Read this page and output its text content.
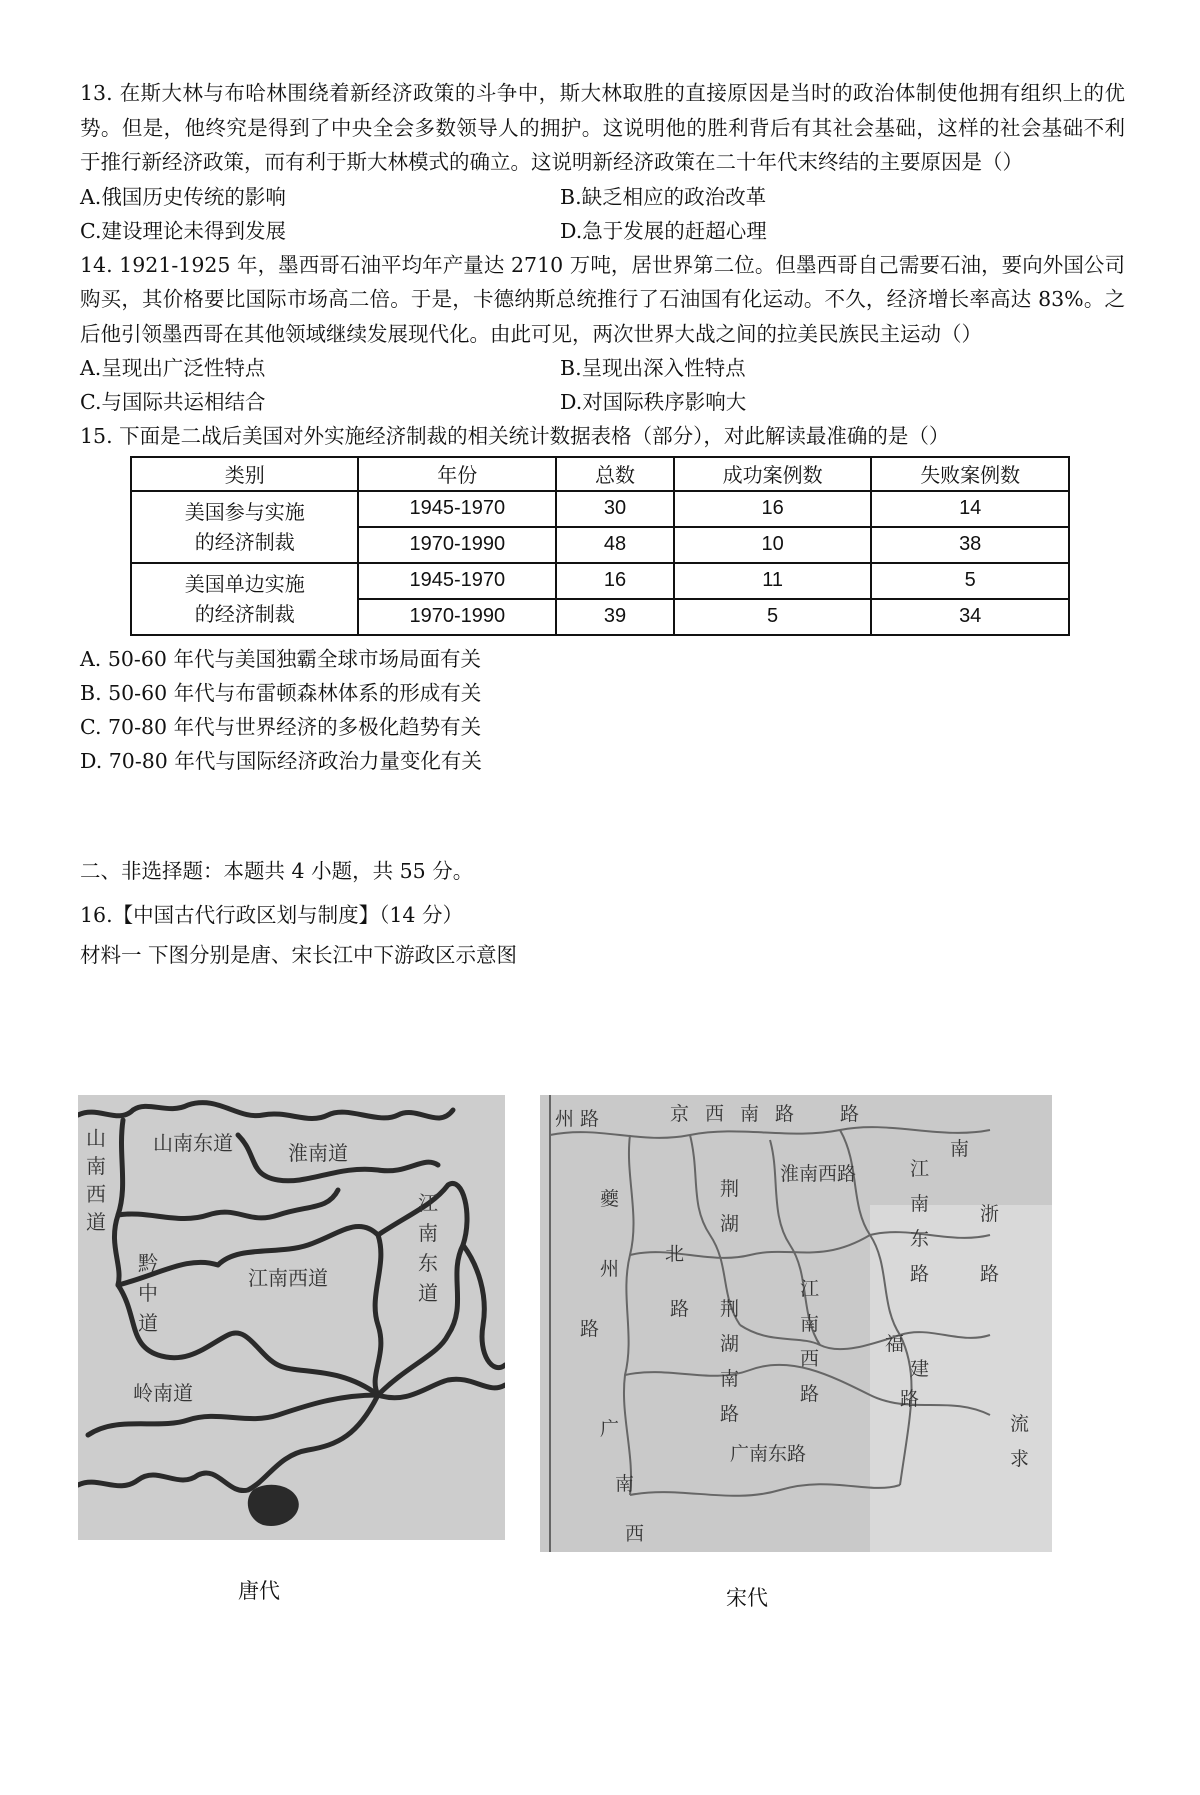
13. 在斯大林与布哈林围绕着新经济政策的斗争中，斯大林取胜的直接原因是当时的政治体制使他拥有组织上的优势。但是，他终究是得到了中央全会多数领导人的拥护。这说明他的胜利背后有其社会基础，这样的社会基础不利于推行新经济政策，而有利于斯大林模式的确立。这说明新经济政策在二十年代末终结的主要原因是（）

A.俄国历史传统的影响	B.缺乏相应的政治改革
C.建设理论未得到发展	D.急于发展的赶超心理

14. 1921-1925 年，墨西哥石油平均年产量达 2710 万吨，居世界第二位。但墨西哥自己需要石油，要向外国公司购买，其价格要比国际市场高二倍。于是，卡德纳斯总统推行了石油国有化运动。不久，经济增长率高达 83%。之后他引领墨西哥在其他领域继续发展现代化。由此可见，两次世界大战之间的拉美民族民主运动（）

A.呈现出广泛性特点	B.呈现出深入性特点
C.与国际共运相结合	D.对国际秩序影响大

15. 下面是二战后美国对外实施经济制裁的相关统计数据表格（部分），对此解读最准确的是（）

类别	年份	总数	成功案例数	失败案例数

美国参与实施
的经济制裁	1945-1970	30	16	14
	1970-1990	48	10	38

美国单边实施
的经济制裁	1945-1970	16	11	5
	1970-1990	39	5	34
A. 50-60 年代与美国独霸全球市场局面有关
B. 50-60 年代与布雷顿森林体系的形成有关
C. 70-80 年代与世界经济的多极化趋势有关
D. 70-80 年代与国际经济政治力量变化有关
二、非选择题：本题共 4 小题，共 55 分。
16.【中国古代行政区划与制度】（14 分）
材料一 下图分别是唐、宋长江中下游政区示意图
山南东道	淮南道
山
南
西
道
江
南
东
道
江南西道
黔
中
道
岭南道
州 路	京 西 南 路 路
淮南西路	江
南
东
路
南
浙
路
夔
州
荆
湖
北
路
路
荆
湖
南
路
江
南
西
路
福
建
路
广
广南东路
南
西
流
求
唐代	宋代
